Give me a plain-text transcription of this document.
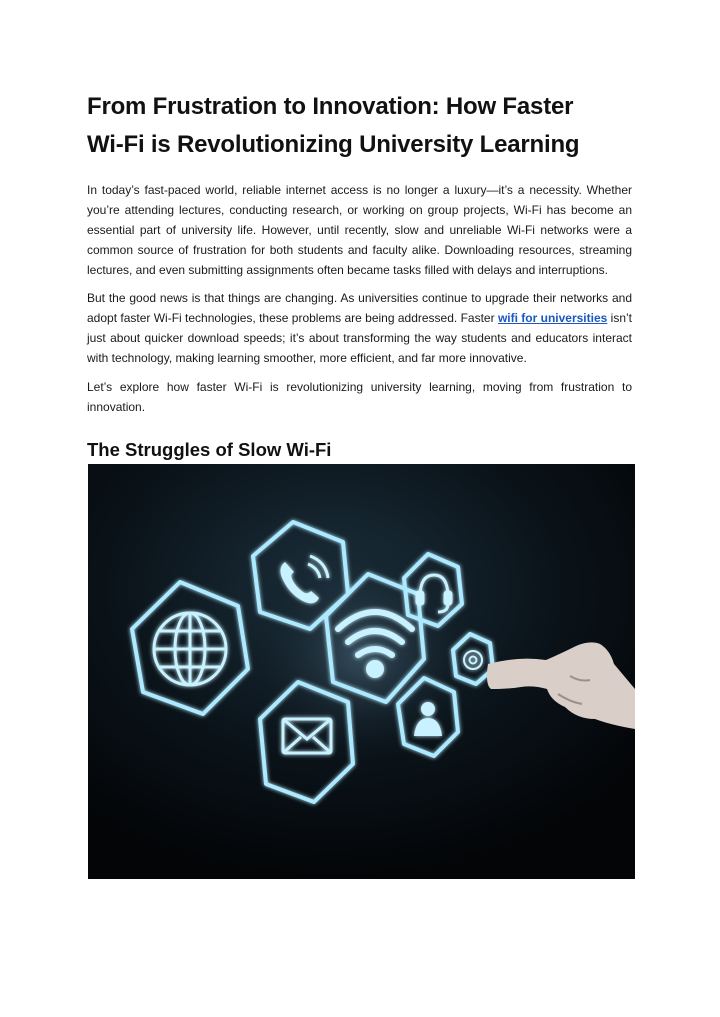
From Frustration to Innovation: How Faster
Wi-Fi is Revolutionizing University Learning

In today’s fast-paced world, reliable internet access is no longer a luxury—it’s a necessity. Whether you’re attending lectures, conducting research, or working on group projects, Wi-Fi has become an essential part of university life. However, until recently, slow and unreliable Wi-Fi networks were a common source of frustration for both students and faculty alike. Downloading resources, streaming lectures, and even submitting assignments often became tasks filled with delays and interruptions.

But the good news is that things are changing. As universities continue to upgrade their networks and adopt faster Wi-Fi technologies, these problems are being addressed. Faster wifi for universities isn’t just about quicker download speeds; it’s about transforming the way students and educators interact with technology, making learning smoother, more efficient, and far more innovative.

Let’s explore how faster Wi-Fi is revolutionizing university learning, moving from frustration to innovation.

The Struggles of Slow Wi-Fi
